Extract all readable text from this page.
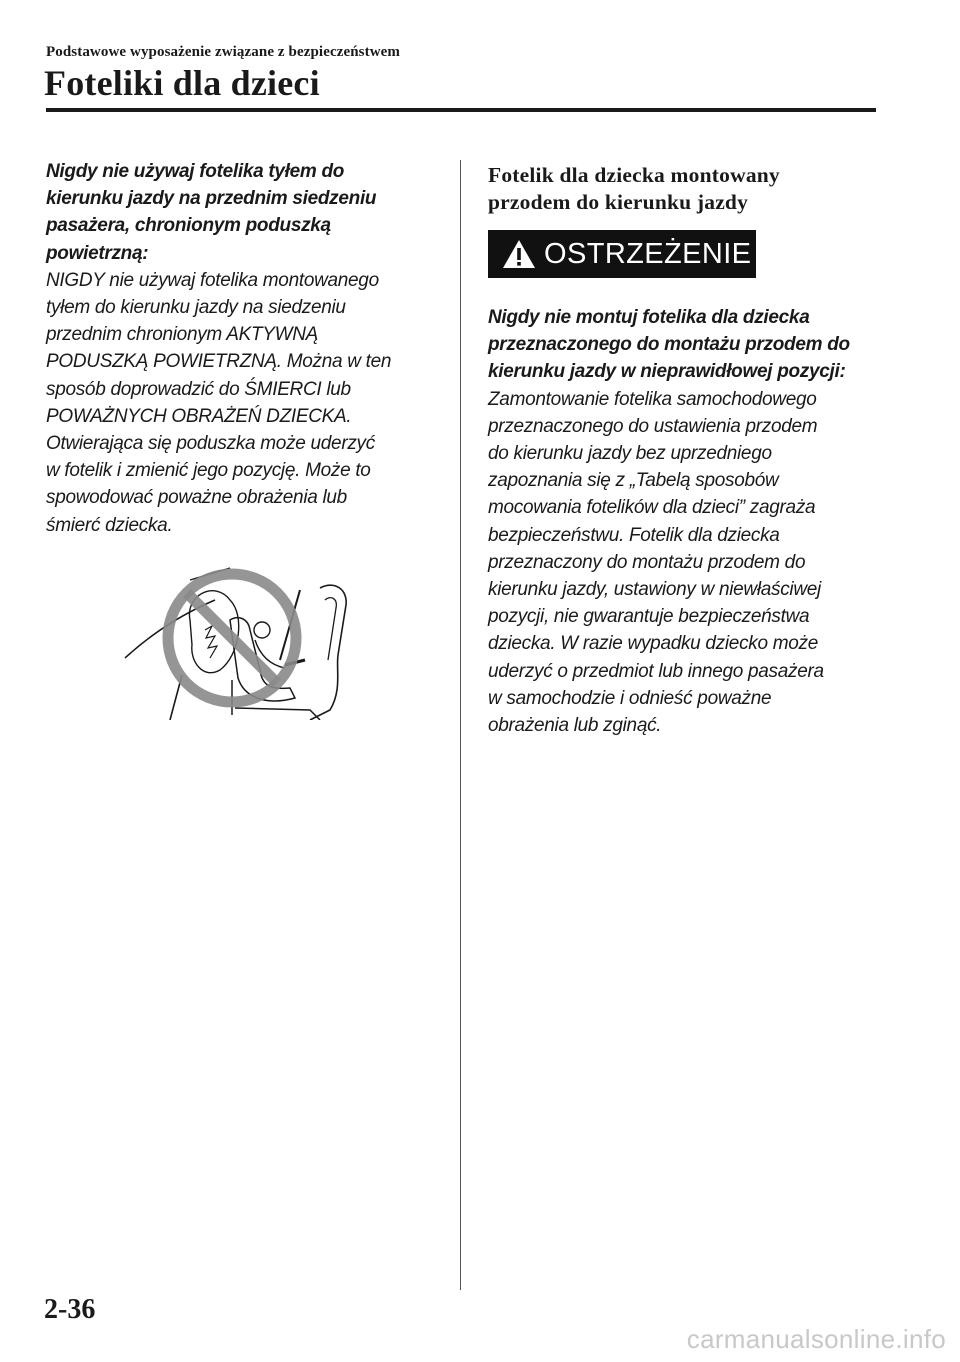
Podstawowe wyposażenie związane z bezpieczeństwem
Foteliki dla dzieci
Nigdy nie używaj fotelika tyłem do
kierunku jazdy na przednim siedzeniu
pasażera, chronionym poduszką
powietrzną:
NIGDY nie używaj fotelika montowanego
tyłem do kierunku jazdy na siedzeniu
przednim chronionym AKTYWNĄ
PODUSZKĄ POWIETRZNĄ. Można w ten
sposób doprowadzić do ŚMIERCI lub
POWAŻNYCH OBRAŻEŃ DZIECKA.
Otwierająca się poduszka może uderzyć
w fotelik i zmienić jego pozycję. Może to
spowodować poważne obrażenia lub
śmierć dziecka.
Fotelik dla dziecka montowany
przodem do kierunku jazdy
OSTRZEŻENIE
Nigdy nie montuj fotelika dla dziecka
przeznaczonego do montażu przodem do
kierunku jazdy w nieprawidłowej pozycji:
Zamontowanie fotelika samochodowego
przeznaczonego do ustawienia przodem
do kierunku jazdy bez uprzedniego
zapoznania się z „Tabelą sposobów
mocowania fotelików dla dzieci” zagraża
bezpieczeństwu. Fotelik dla dziecka
przeznaczony do montażu przodem do
kierunku jazdy, ustawiony w niewłaściwej
pozycji, nie gwarantuje bezpieczeństwa
dziecka. W razie wypadku dziecko może
uderzyć o przedmiot lub innego pasażera
w samochodzie i odnieść poważne
obrażenia lub zginąć.
2-36
carmanualsonline.info
